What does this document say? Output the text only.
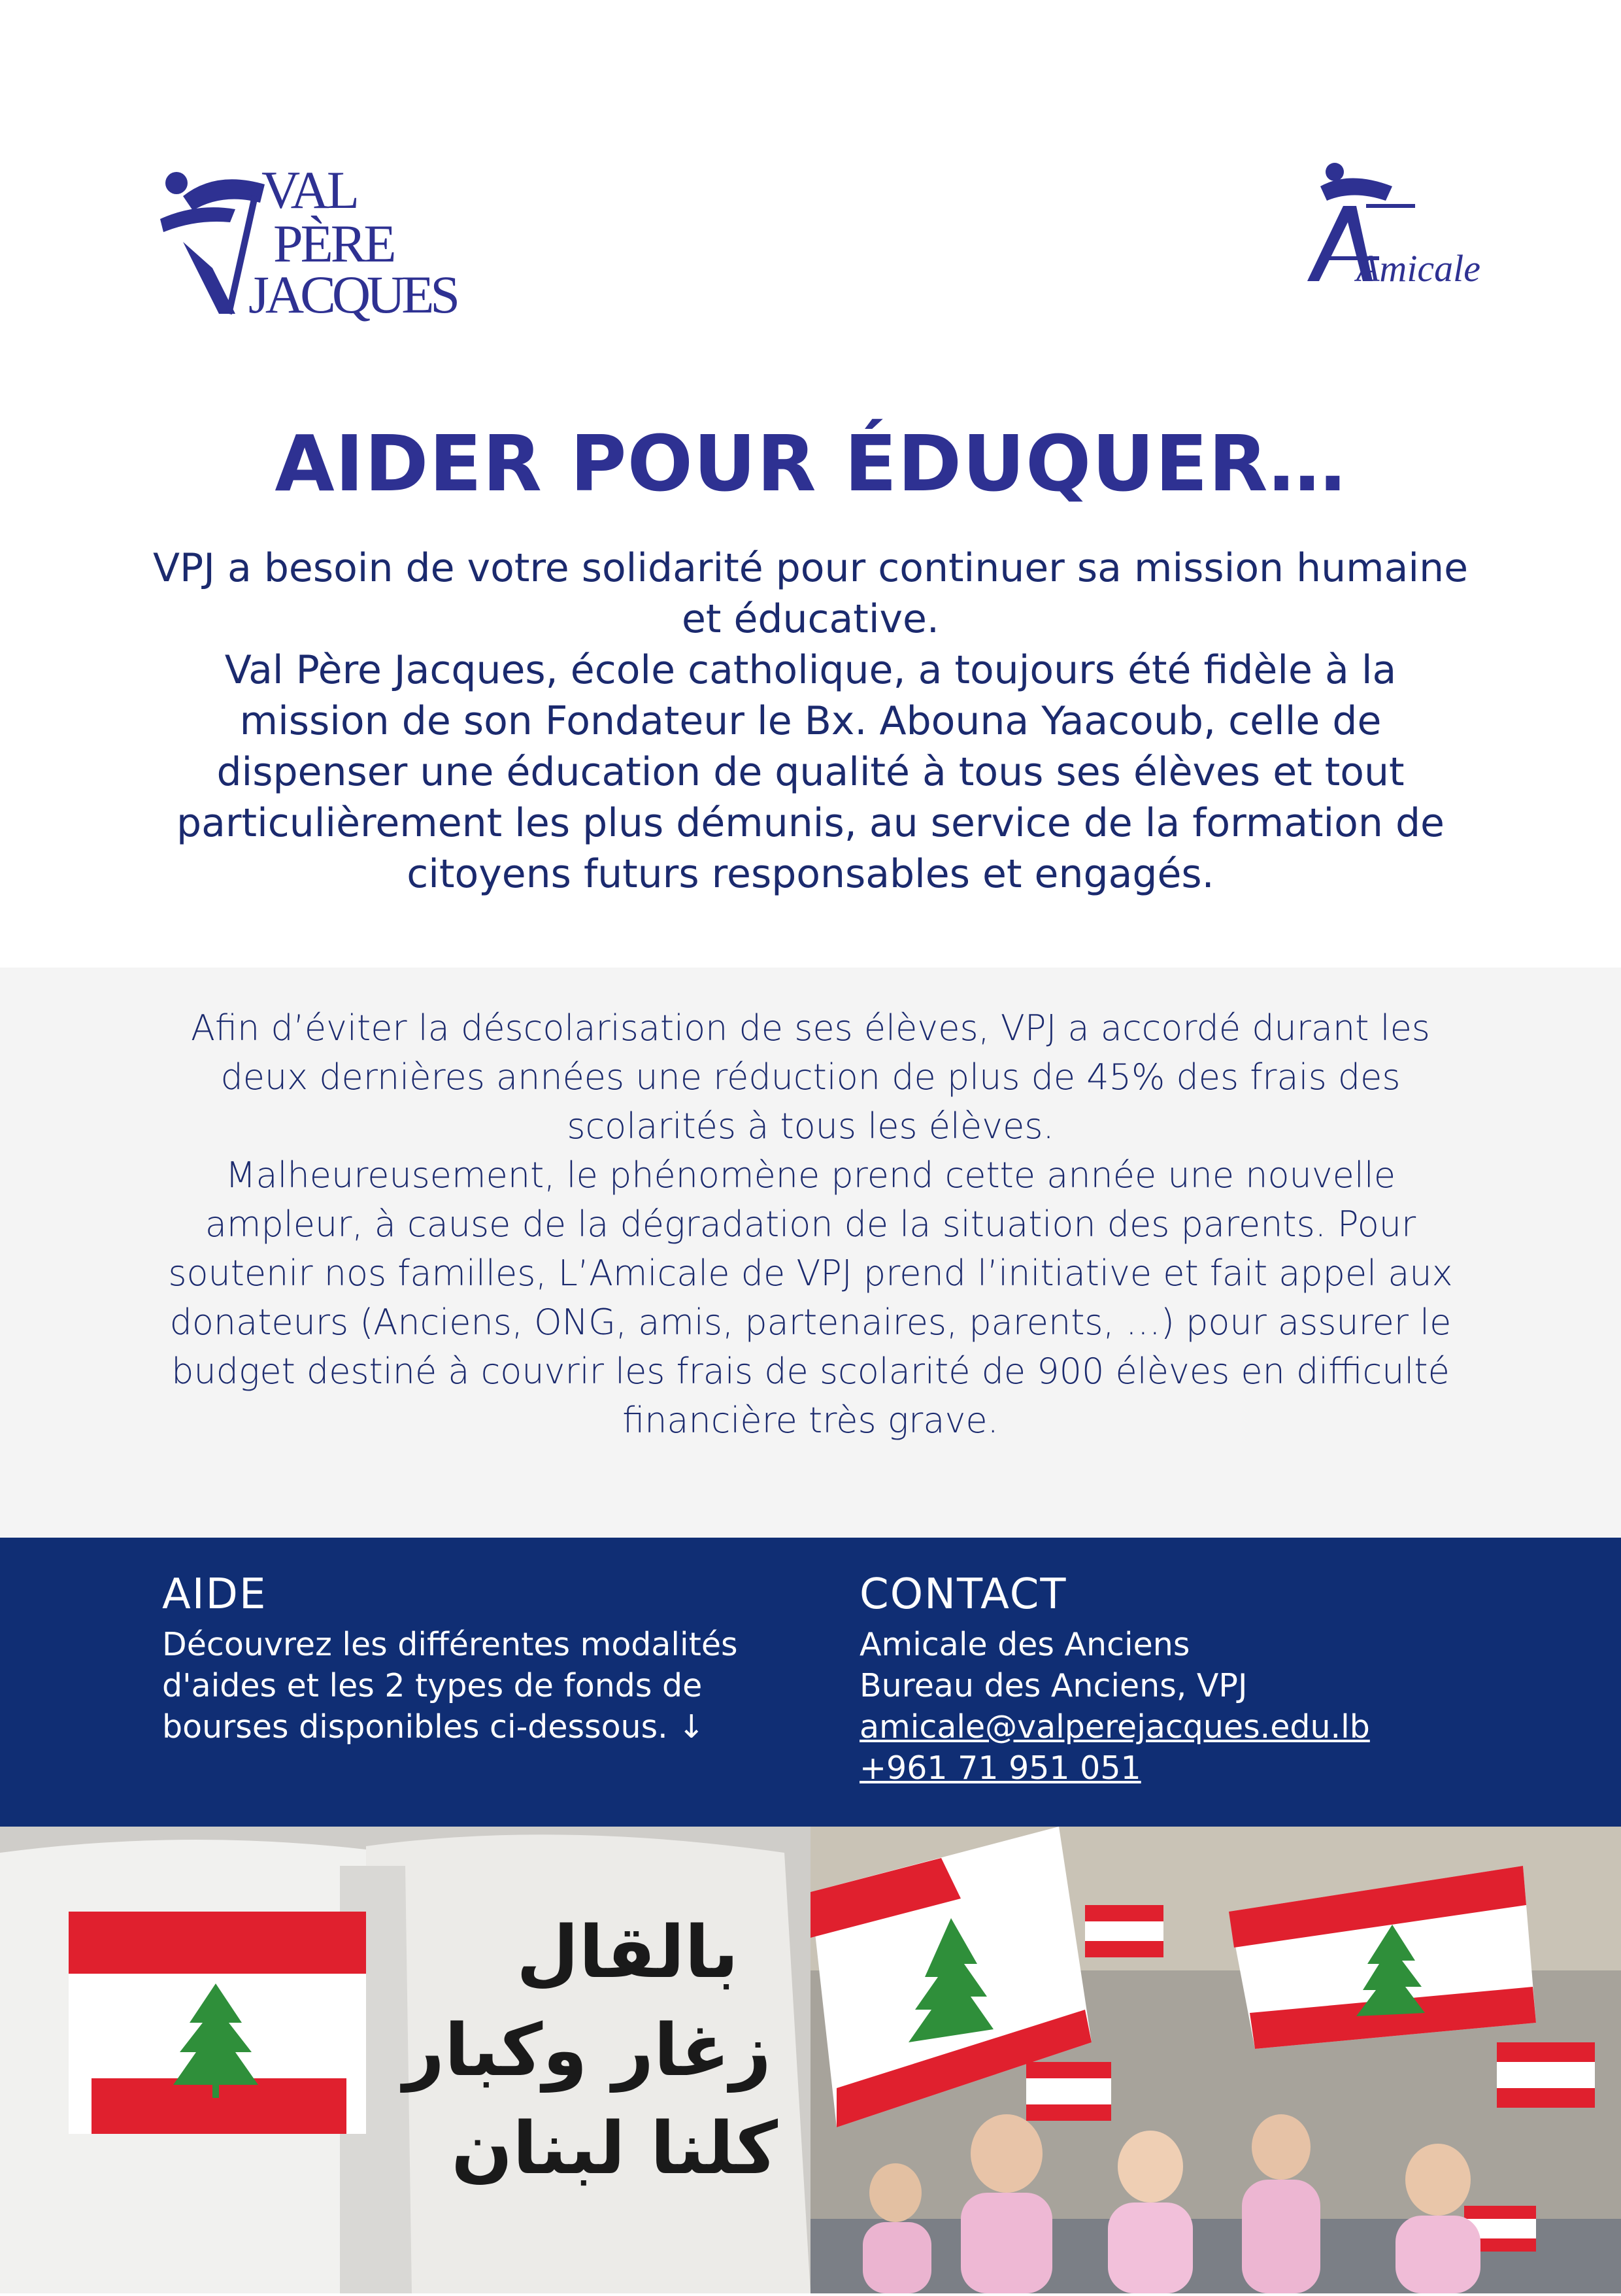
VAL
PÈRE
JACQUES	Amicale
AIDER POUR ÉDUQUER…

VPJ a besoin de votre solidarité pour continuer sa mission humaine et éducative.

Val Père Jacques, école catholique, a toujours été fidèle à la mission de son Fondateur le Bx. Abouna Yaacoub, celle de dispenser une éducation de qualité à tous ses élèves et tout particulièrement les plus démunis, au service de la formation de citoyens futurs responsables et engagés.

Afin d’éviter la déscolarisation de ses élèves, VPJ a accordé durant les deux dernières années une réduction de plus de 45% des frais des scolarités à tous les élèves.

Malheureusement, le phénomène prend cette année une nouvelle ampleur, à cause de la dégradation de la situation des parents. Pour soutenir nos familles, L’Amicale de VPJ prend l’initiative et fait appel aux donateurs (Anciens, ONG, amis, partenaires, parents, …) pour assurer le budget destiné à couvrir les frais de scolarité de 900 élèves en difficulté financière très grave.

AIDE
Découvrez les différentes modalités d'aides et les 2 types de fonds de bourses disponibles ci-dessous. ↓
CONTACT
Amicale des Anciens
Bureau des Anciens, VPJ
amicale@valperejacques.edu.lb
+961 71 951 051
بالقال
زغار وكبار
كلنا لبنان
